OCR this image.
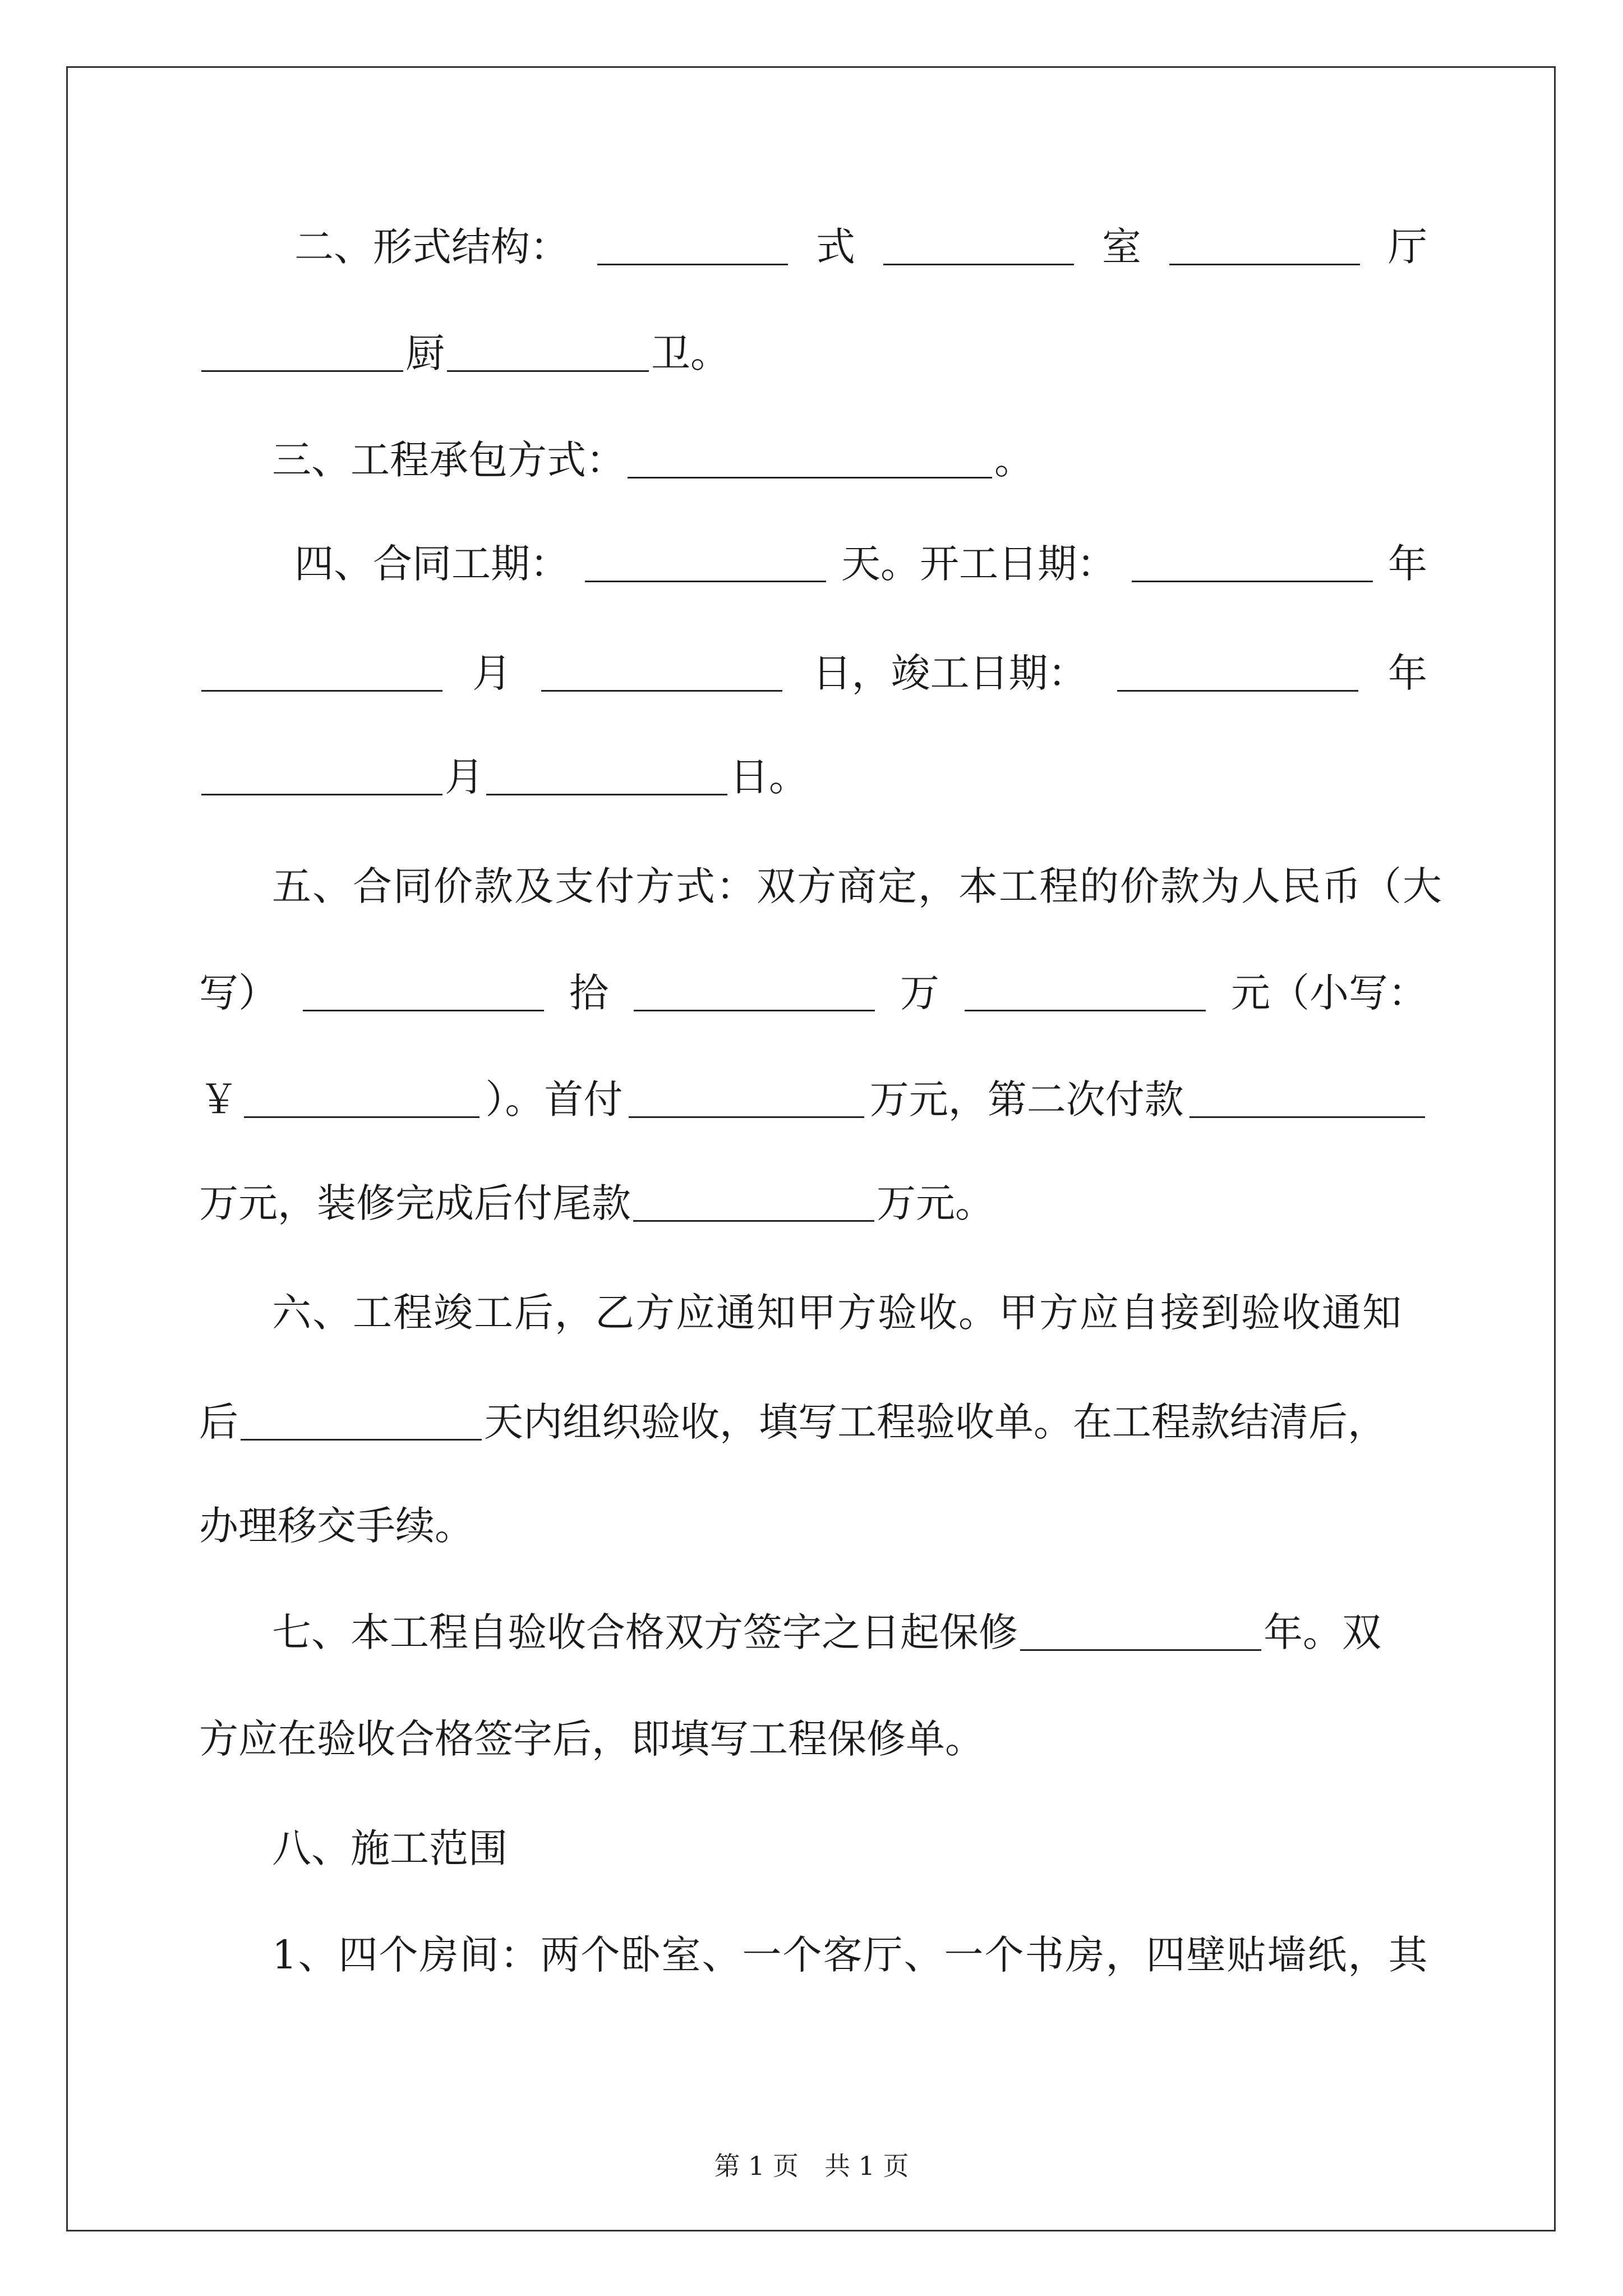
二、形式结构：	式	室	厅
厨	卫。
三、工程承包方式：	。
四、合同工期：	天。开工日期：	年
月	日，竣工日期：	年
月	日。
五、合同价款及支付方式：双方商定，本工程的价款为人民币（大
写）	拾	万	元（小写：
￥	）。首付	万元，第二次付款
万元，装修完成后付尾款	万元。
六、工程竣工后，乙方应通知甲方验收。甲方应自接到验收通知
后	天内组织验收，填写工程验收单。在工程款结清后，
办理移交手续。
七、本工程自验收合格双方签字之日起保修	年。双
方应在验收合格签字后，即填写工程保修单。
八、施工范围
1、四个房间：两个卧室、一个客厅、一个书房，四壁贴墙纸，其
第 1 页　共 1 页
